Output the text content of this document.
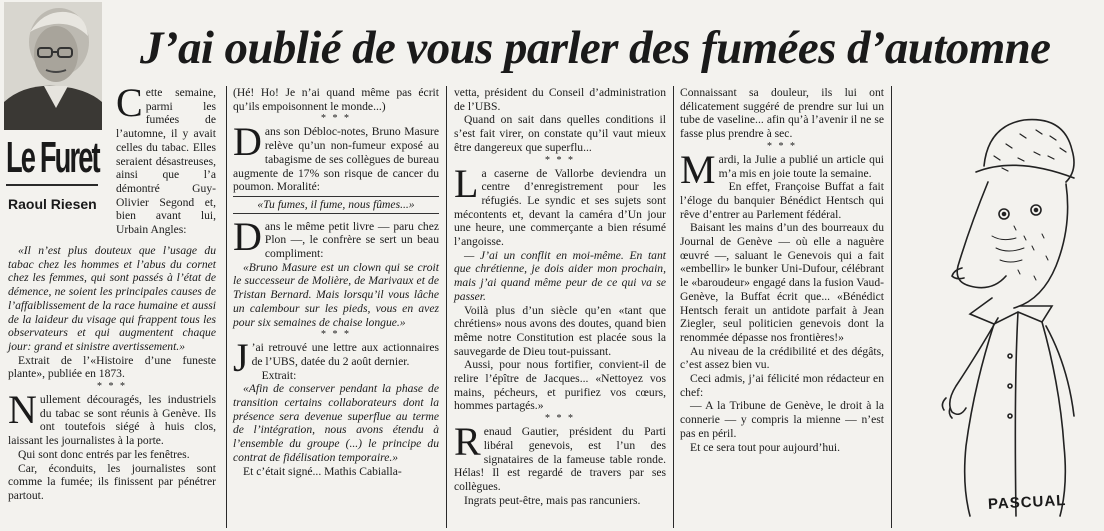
Le Furet
Raoul Riesen
J’ai oublié de vous parler des fumées d’automne

Cette semaine, parmi les fumées de l’automne, il y avait celles du tabac. Elles seraient désastreuses, ainsi que l’a démontré Guy-Olivier Segond et, bien avant lui, Urbain Angles:

«Il n’est plus douteux que l’usage du tabac chez les hommes et l’abus du cornet chez les femmes, qui sont passés à l’état de démence, ne soient les principales causes de l’affaiblissement de la race humaine et aussi de la laideur du visage qui frappent tous les observateurs et qui augmentent chaque jour: grand et sinistre avertissement.»

Extrait de l’«Histoire d’une funeste plante», publiée en 1873.

* * *

Nullement découragés, les industriels du tabac se sont réunis à Genève. Ils ont toutefois siégé à huis clos, laissant les journalistes à la porte.

Qui sont donc entrés par les fenêtres.

Car, éconduits, les journalistes sont comme la fumée; ils finissent par pénétrer partout.

(Hé! Ho! Je n’ai quand même pas écrit qu’ils empoisonnent le monde...)

* * *

Dans son Débloc-notes, Bruno Masure relève qu’un non-fumeur exposé au tabagisme de ses collègues de bureau augmente de 17% son risque de cancer du poumon. Moralité:

«Tu fumes, il fume, nous fûmes...»

Dans le même petit livre — paru chez Plon —, le confrère se sert un beau compliment:

«Bruno Masure est un clown qui se croit le successeur de Molière, de Marivaux et de Tristan Bernard. Mais lorsqu’il vous lâche un calembour sur les pieds, vous en avez pour six semaines de chaise longue.»

* * *

J ’ai retrouvé une lettre aux actionnaires de l’UBS, datée du 2 août dernier.

Extrait:

«Afin de conserver pendant la phase de transition certains collaborateurs dont la présence sera devenue superflue au terme de l’intégration, nous avons étendu à l’ensemble du groupe (...) le principe du contrat de fidélisation temporaire.»

Et c’était signé... Mathis Cabialla-

vetta, président du Conseil d’administration de l’UBS.

Quand on sait dans quelles conditions il s’est fait virer, on constate qu’il vaut mieux être dangereux que superflu...

* * *

La caserne de Vallorbe deviendra un centre d’enregistrement pour les réfugiés. Le syndic et ses sujets sont mécontents et, devant la caméra d’Un jour une heure, une commerçante a bien résumé l’angoisse.

— J’ai un conflit en moi-même. En tant que chrétienne, je dois aider mon prochain, mais j’ai quand même peur de ce qui va se passer.

Voilà plus d’un siècle qu’en «tant que chrétiens» nous avons des doutes, quand bien même notre Constitution est placée sous la sauvegarde de Dieu tout-puissant.

Aussi, pour nous fortifier, convient-il de relire l’épître de Jacques... «Nettoyez vos mains, pécheurs, et purifiez vos cœurs, hommes partagés.»

* * *

Renaud Gautier, président du Parti libéral genevois, est l’un des signataires de la fameuse table ronde. Hélas! Il est regardé de travers par ses collègues.

Ingrats peut-être, mais pas rancuniers.

Connaissant sa douleur, ils lui ont délicatement suggéré de prendre sur lui un tube de vaseline... afin qu’à l’avenir il ne se fasse plus prendre à sec.

* * *

Mardi, la Julie a publié un article qui m’a mis en joie toute la semaine.

En effet, Françoise Buffat a fait l’éloge du banquier Bénédict Hentsch qui rêve d’entrer au Parlement fédéral.

Baisant les mains d’un des bourreaux du Journal de Genève — où elle a naguère œuvré —, saluant le Genevois qui a fait «embellir» le bunker Uni-Dufour, célébrant le «baroudeur» engagé dans la fusion Vaud-Genève, la Buffat écrit que... «Bénédict Hentsch ferait un antidote parfait à Jean Ziegler, seul politicien genevois dont la renommée dépasse nos frontières!»

Au niveau de la crédibilité et des dégâts, c’est assez bien vu.

Ceci admis, j’ai félicité mon rédacteur en chef:

— A la Tribune de Genève, le droit à la connerie — y compris la mienne — n’est pas en péril.

Et ce sera tout pour aujourd’hui.

PASCUAL
